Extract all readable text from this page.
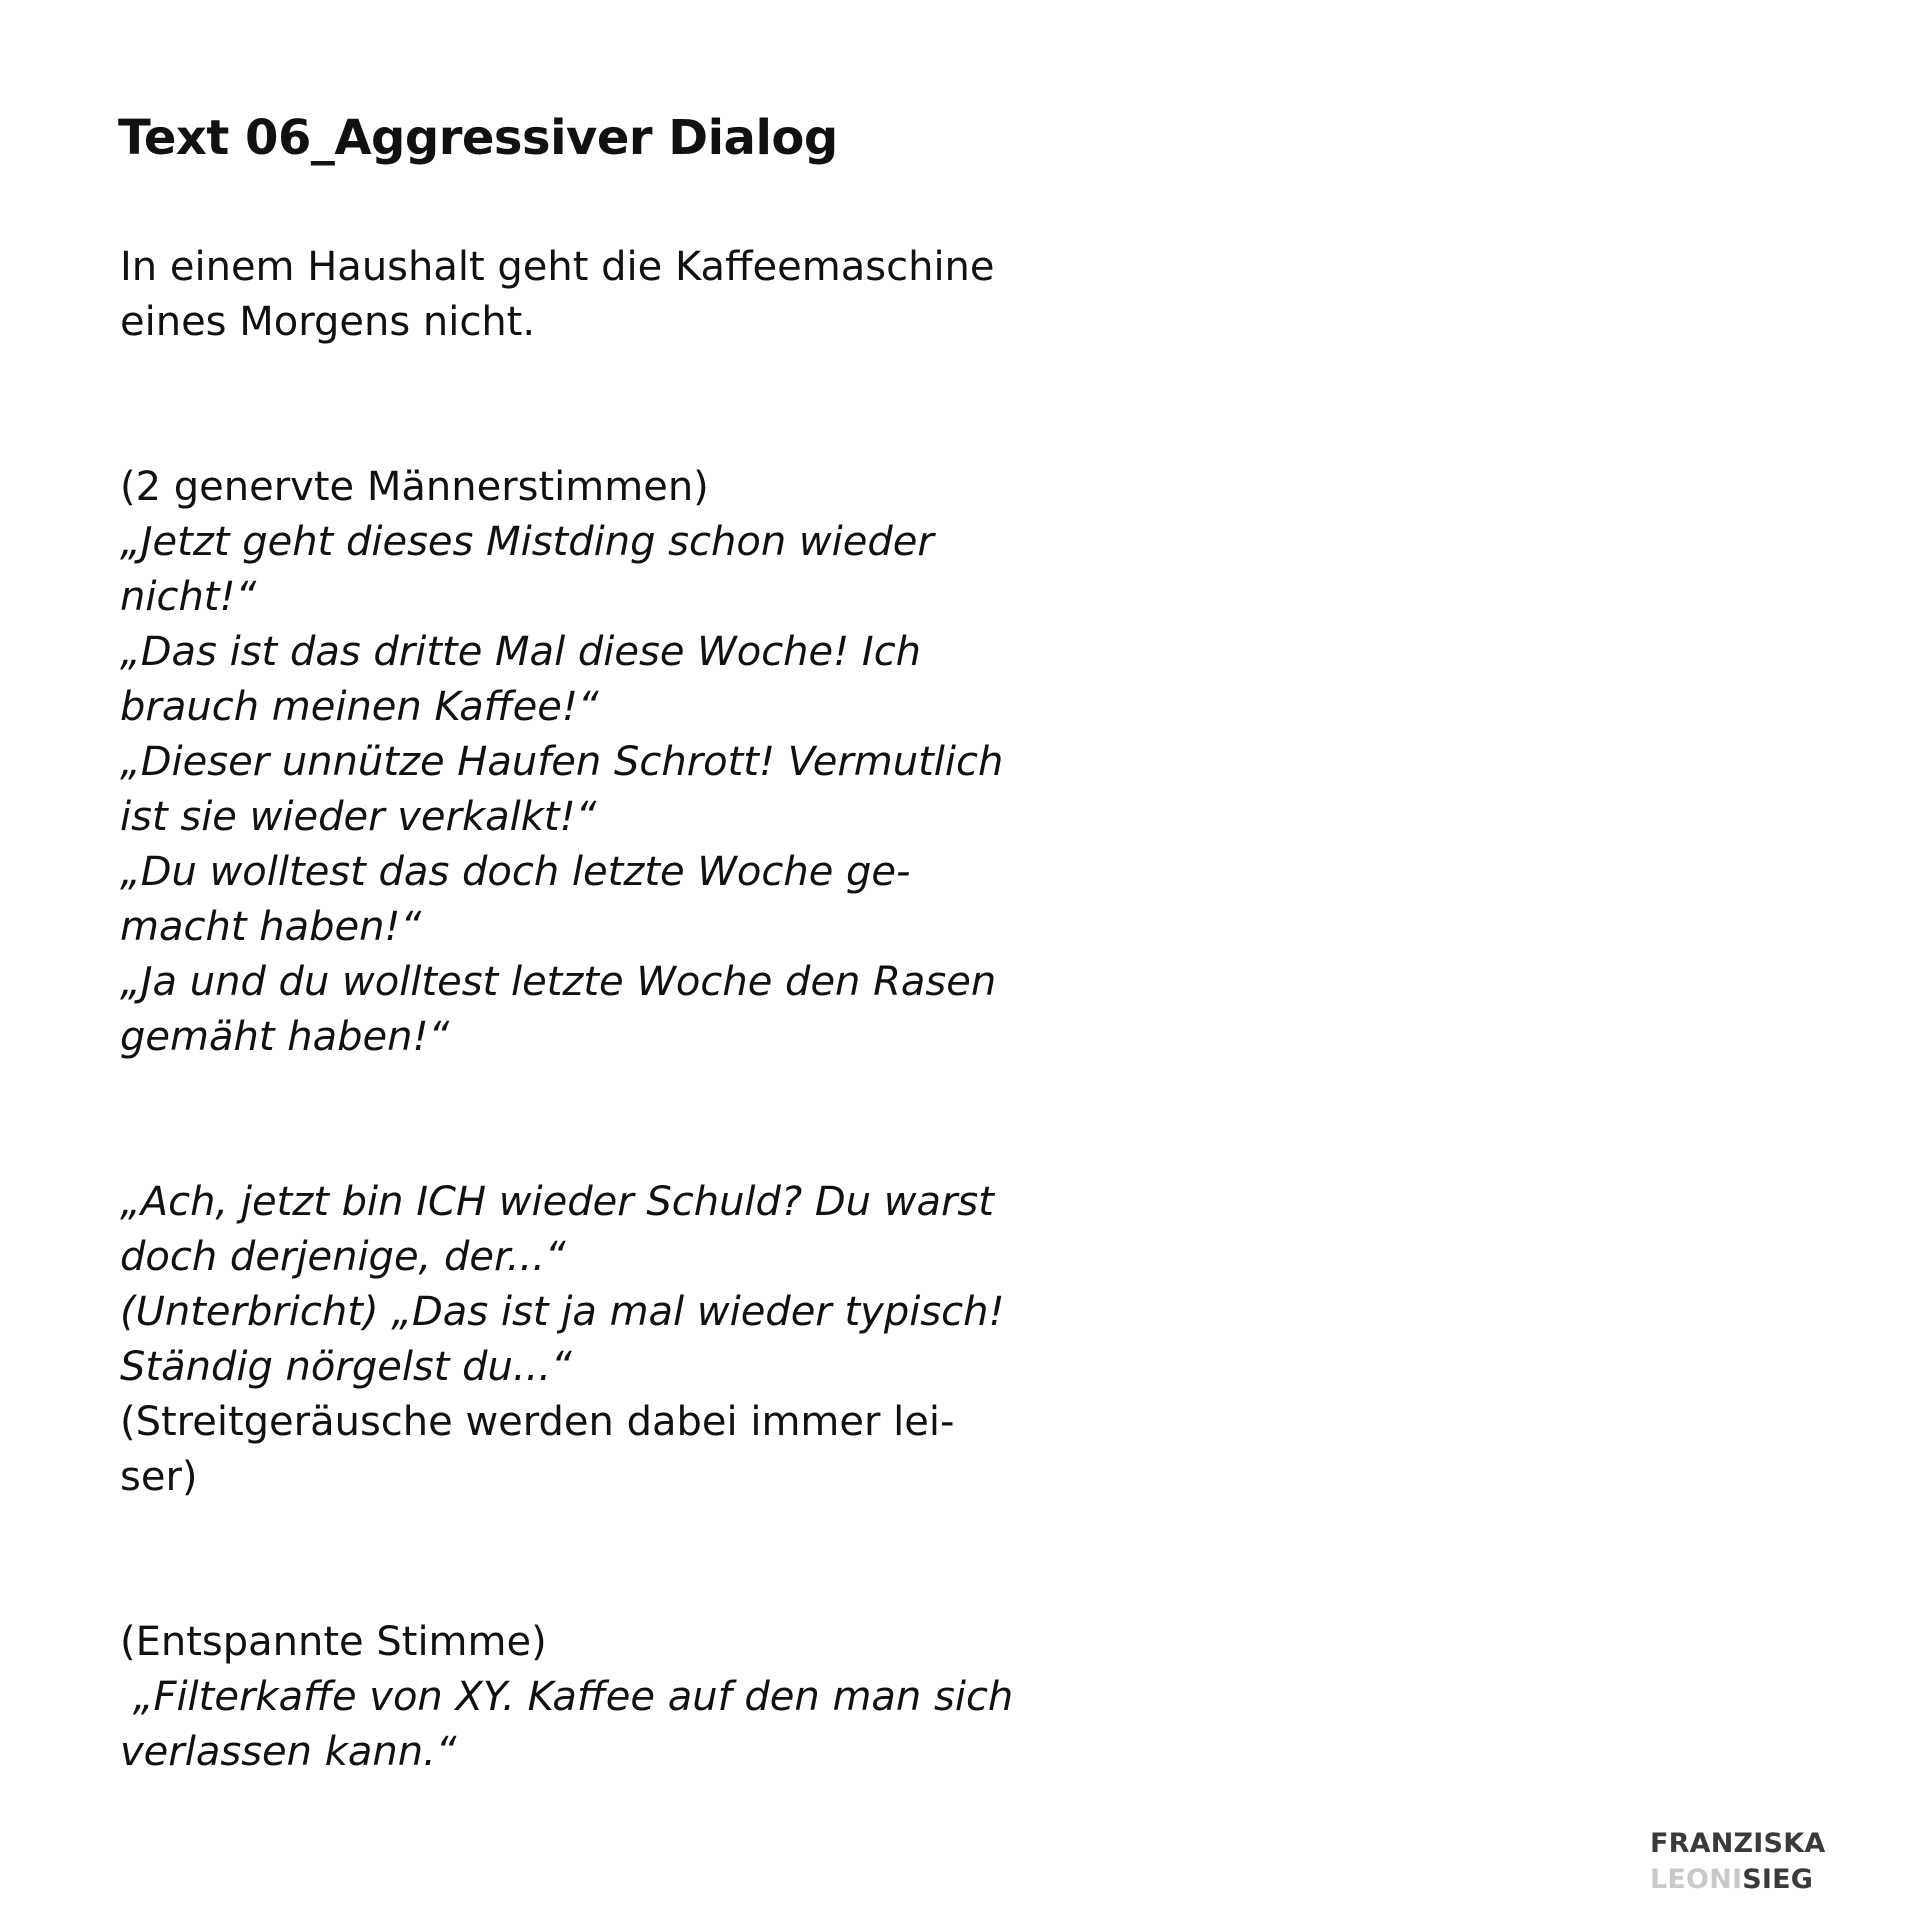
Text 06_Aggressiver Dialog

In einem Haushalt geht die Kaffeemaschine
eines Morgens nicht.

(2 genervte Männerstimmen)
„Jetzt geht dieses Mistding schon wieder
nicht!“
„Das ist das dritte Mal diese Woche! Ich
brauch meinen Kaffee!“
„Dieser unnütze Haufen Schrott! Vermutlich
ist sie wieder verkalkt!“
„Du wolltest das doch letzte Woche ge-
macht haben!“
„Ja und du wolltest letzte Woche den Rasen
gemäht haben!“

„Ach, jetzt bin ICH wieder Schuld? Du warst
doch derjenige, der...“
(Unterbricht) „Das ist ja mal wieder typisch!
Ständig nörgelst du...“
(Streitgeräusche werden dabei immer lei-
ser)

(Entspannte Stimme)
„Filterkaffe von XY. Kaffee auf den man sich
verlassen kann.“

FRANZISKA
LEONISIEG
